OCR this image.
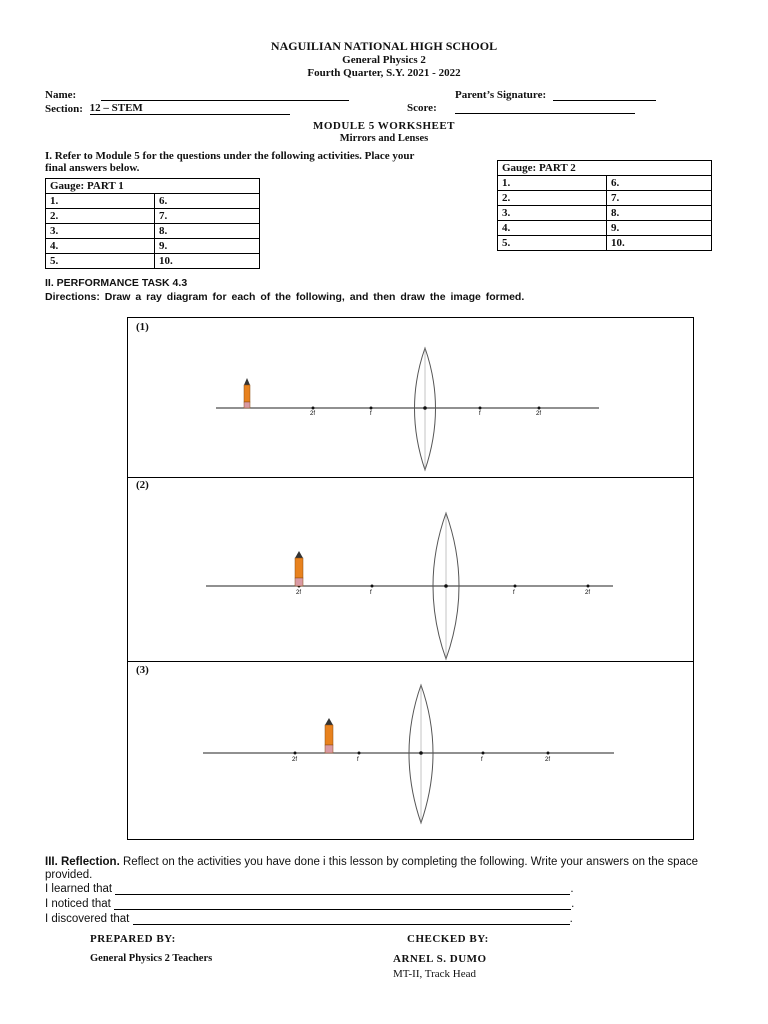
NAGUILIAN NATIONAL HIGH SCHOOL
General Physics 2
Fourth Quarter, S.Y. 2021 - 2022
Name:
Section: 12 – STEM
Parent’s Signature:
Score:
MODULE 5 WORKSHEET
Mirrors and Lenses
I. Refer to Module 5 for the questions under the following activities. Place your
final answers below.
Gauge: PART 1	
1.	6.
2.	7.
3.	8.
4.	9.
5.	10.
Gauge: PART 2	
1.	6.
2.	7.
3.	8.
4.	9.
5.	10.
II. PERFORMANCE TASK 4.3
Directions: Draw a ray diagram for each of the following, and then draw the image formed.
(1)
2f	f	f	2f
(2)
2f	f	f	2f
(3)
2f	f	f	2f
III. Reflection. Reflect on the activities you have done i this lesson by completing the following. Write your answers on the space
provided.
I learned that	.
I noticed that	.
I discovered that	.
PREPARED BY:
General Physics 2 Teachers
CHECKED BY:
ARNEL S. DUMO
MT-II, Track Head
